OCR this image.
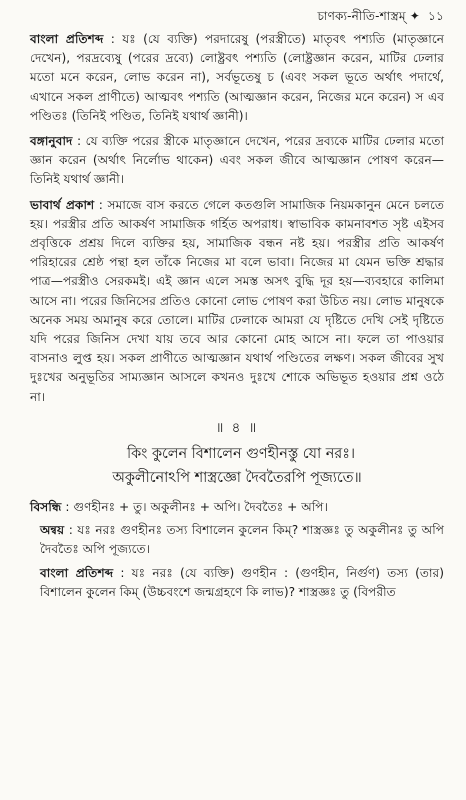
চাণক্য-নীতি-শাস্ত্রম্ ✦ ১১

বাংলা প্রতিশব্দ : যঃ (যে ব্যক্তি) পরদারেষু (পরস্ত্রীতে) মাতৃবৎ পশ্যতি (মাতৃজ্ঞানে দেখেন), পরদ্রব্যেষু (পরের দ্রব্যে) লোষ্ট্রবৎ পশ্যতি (লোষ্ট্রজ্ঞান করেন, মাটির ঢেলার মতো মনে করেন, লোভ করেন না), সর্বভূতেষু চ (এবং সকল ভূতে অর্থাৎ পদার্থে, এখানে সকল প্রাণীতে) আত্মবৎ পশ্যতি (আত্মজ্ঞান করেন, নিজের মনে করেন) স এব পণ্ডিতঃ (তিনিই পণ্ডিত, তিনিই যথার্থ জ্ঞানী)।

বঙ্গানুবাদ : যে ব্যক্তি পরের স্ত্রীকে মাতৃজ্ঞানে দেখেন, পরের দ্রব্যকে মাটির ঢেলার মতো জ্ঞান করেন (অর্থাৎ নির্লোভ থাকেন) এবং সকল জীবে আত্মজ্ঞান পোষণ করেন—তিনিই যথার্থ জ্ঞানী।

ভাবার্থ প্রকাশ : সমাজে বাস করতে গেলে কতগুলি সামাজিক নিয়মকানুন মেনে চলতে হয়। পরস্ত্রীর প্রতি আকর্ষণ সামাজিক গর্হিত অপরাধ। স্বাভাবিক কামনাবশত সৃষ্ট এইসব প্রবৃত্তিকে প্রশ্রয় দিলে ব্যক্তির হয়, সামাজিক বন্ধন নষ্ট হয়। পরস্ত্রীর প্রতি আকর্ষণ পরিহারের শ্রেষ্ঠ পন্থা হল তাঁকে নিজের মা বলে ভাবা। নিজের মা যেমন ভক্তি শ্রদ্ধার পাত্র—পরস্ত্রীও সেরকমই। এই জ্ঞান এলে সমস্ত অসৎ বুদ্ধি দূর হয়—ব্যবহারে কালিমা আসে না। পরের জিনিসের প্রতিও কোনো লোভ পোষণ করা উচিত নয়। লোভ মানুষকে অনেক সময় অমানুষ করে তোলে। মাটির ঢেলাকে আমরা যে দৃষ্টিতে দেখি সেই দৃষ্টিতে যদি পরের জিনিস দেখা যায় তবে আর কোনো মোহ আসে না। ফলে তা পাওয়ার বাসনাও লুপ্ত হয়। সকল প্রাণীতে আত্মজ্ঞান যথার্থ পণ্ডিতের লক্ষণ। সকল জীবের সুখ দুঃখের অনুভূতির সাম্যজ্ঞান আসলে কখনও দুঃখে শোকে অভিভূত হওয়ার প্রশ্ন ওঠে না।

॥ ৪ ॥
কিং কুলেন বিশালেন গুণহীনস্তু যো নরঃ।
অকুলীনোঽপি শাস্ত্রজ্ঞো দৈবতৈরপি পূজ্যতে॥

বিসন্ধি : গুণহীনঃ + তু। অকুলীনঃ + অপি। দৈবতৈঃ + অপি।

অন্বয় : যঃ নরঃ গুণহীনঃ তস্য বিশালেন কুলেন কিম্? শাস্ত্রজ্ঞঃ তু অকুলীনঃ তু অপি দৈবতৈঃ অপি পূজ্যতে।

বাংলা প্রতিশব্দ : যঃ নরঃ (যে ব্যক্তি) গুণহীন : (গুণহীন, নির্গুণ) তস্য (তার) বিশালেন কুলেন কিম্ (উচ্চবংশে জন্মগ্রহণে কি লাভ)? শাস্ত্রজ্ঞঃ তু (বিপরীত
